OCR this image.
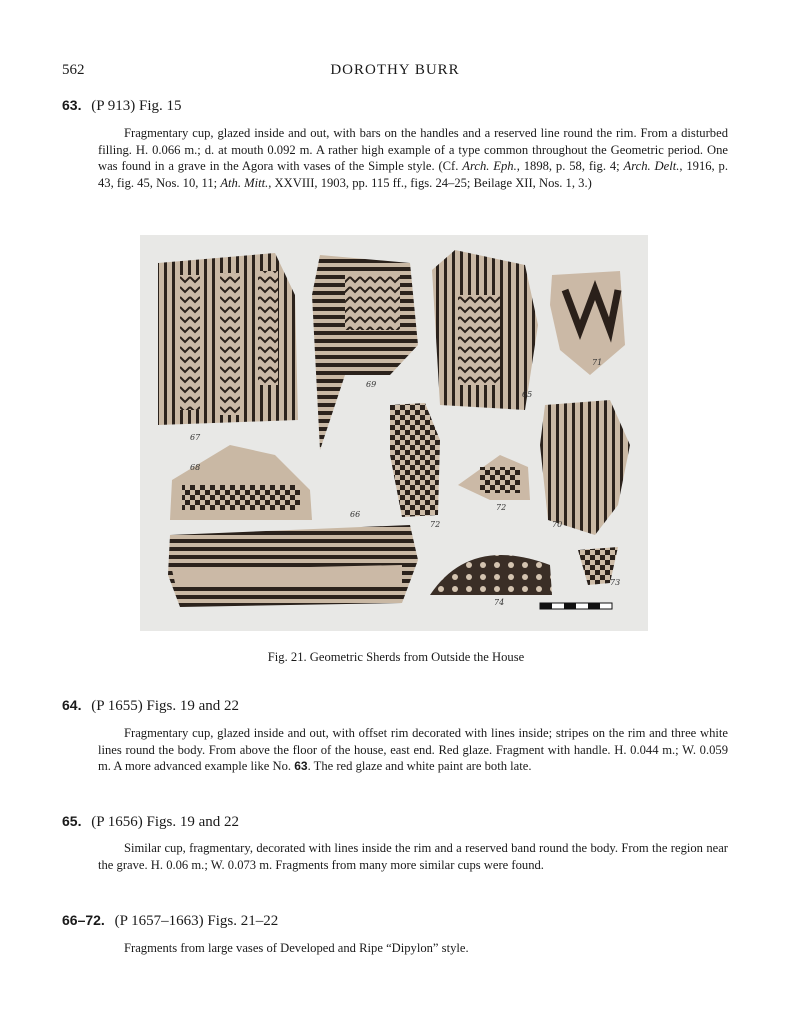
562	DOROTHY BURR
63. (P 913) Fig. 15

Fragmentary cup, glazed inside and out, with bars on the handles and a reserved line round the rim. From a disturbed filling. H. 0.066 m.; d. at mouth 0.092 m. A rather high example of a type common throughout the Geometric period. One was found in a grave in the Agora with vases of the Simple style. (Cf. Arch. Eph., 1898, p. 58, fig. 4; Arch. Delt., 1916, p. 43, fig. 45, Nos. 10, 11; Ath. Mitt., XXVIII, 1903, pp. 115 ff., figs. 24–25; Beilage XII, Nos. 1, 3.)

67
69
65
71
68
66
72
72
70
74
73
Fig. 21. Geometric Sherds from Outside the House
64. (P 1655) Figs. 19 and 22

Fragmentary cup, glazed inside and out, with offset rim decorated with lines inside; stripes on the rim and three white lines round the body. From above the floor of the house, east end. Red glaze. Fragment with handle. H. 0.044 m.; W. 0.059 m. A more advanced example like No. 63. The red glaze and white paint are both late.

65. (P 1656) Figs. 19 and 22

Similar cup, fragmentary, decorated with lines inside the rim and a reserved band round the body. From the region near the grave. H. 0.06 m.; W. 0.073 m. Fragments from many more similar cups were found.

66–72. (P 1657–1663) Figs. 21–22

Fragments from large vases of Developed and Ripe “Dipylon” style.
